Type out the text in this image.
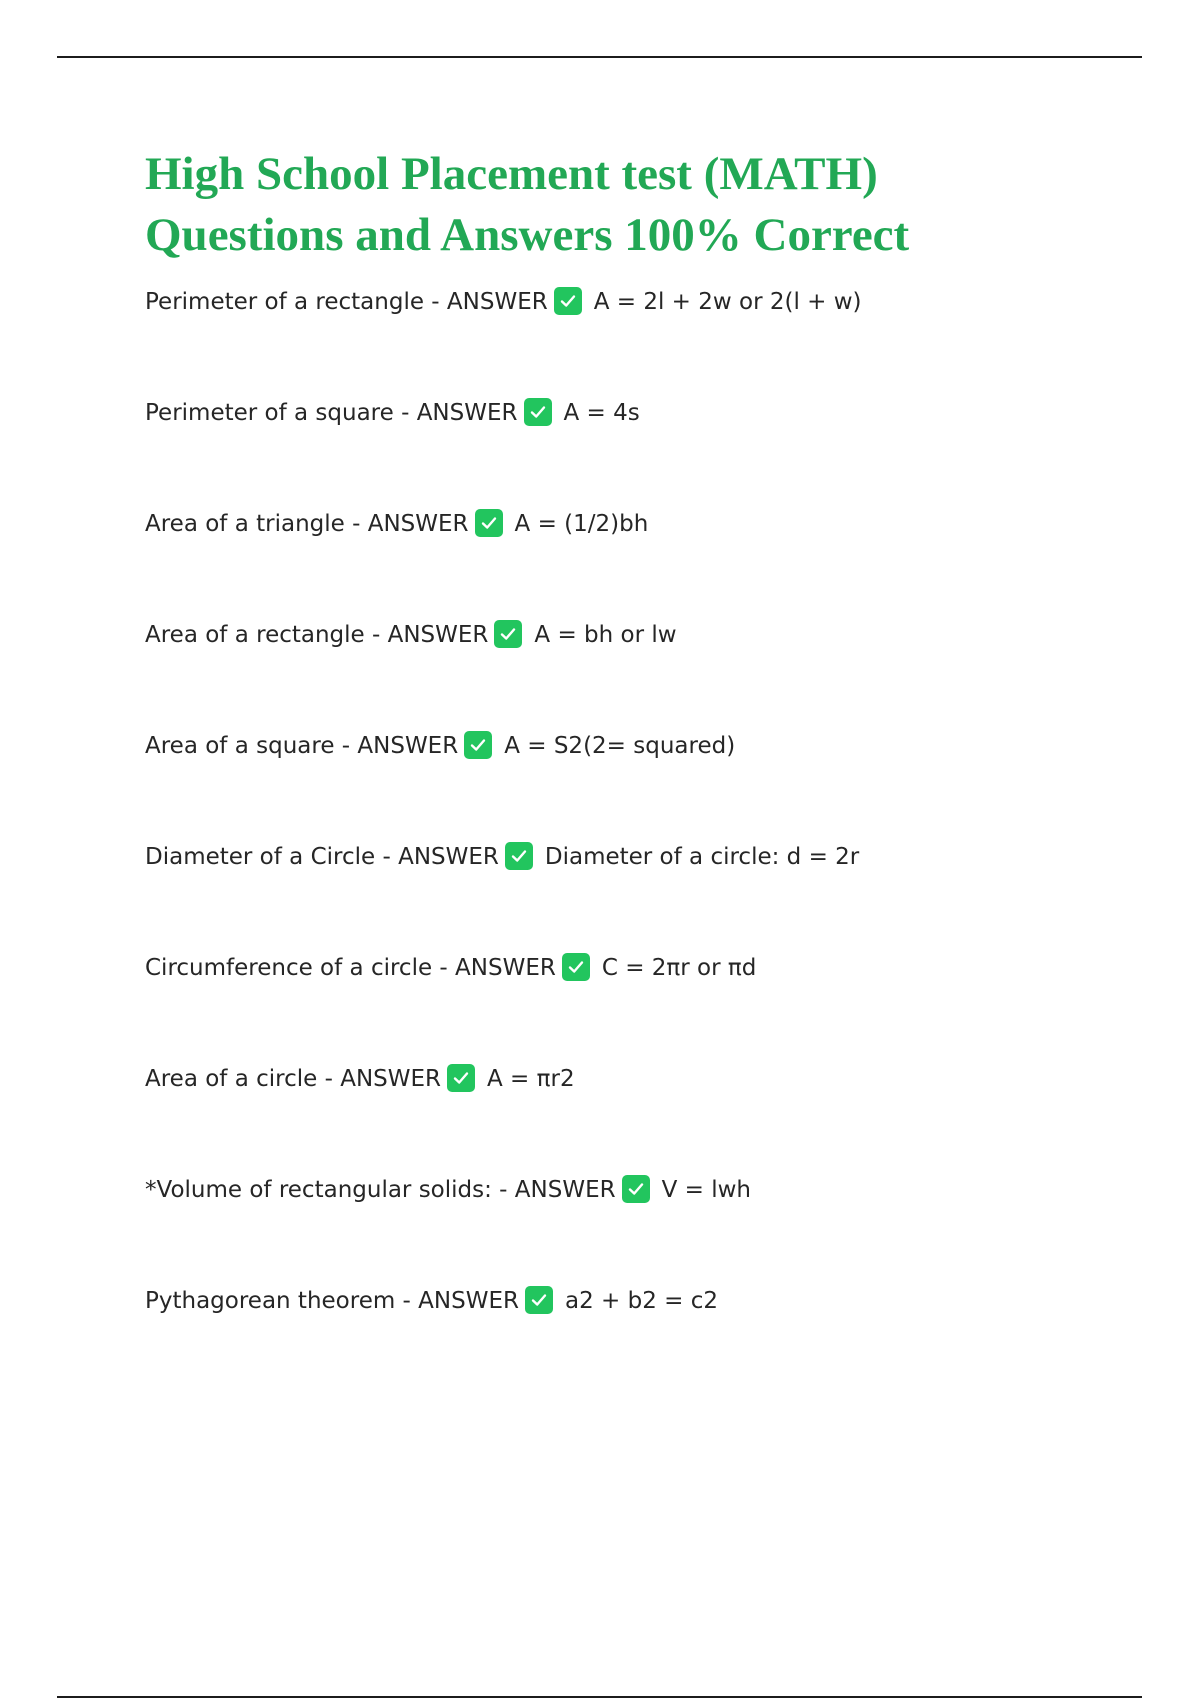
High School Placement test (MATH)
Questions and Answers 100% Correct
Perimeter of a rectangle - ANSWER A = 2l + 2w or 2(l + w)
Perimeter of a square - ANSWER A = 4s
Area of a triangle - ANSWER A = (1/2)bh
Area of a rectangle - ANSWER A = bh or lw
Area of a square - ANSWER A = S2(2= squared)
Diameter of a Circle - ANSWER Diameter of a circle: d = 2r
Circumference of a circle - ANSWER C = 2πr or πd
Area of a circle - ANSWER A = πr2
*Volume of rectangular solids: - ANSWER V = lwh
Pythagorean theorem - ANSWER a2 + b2 = c2
